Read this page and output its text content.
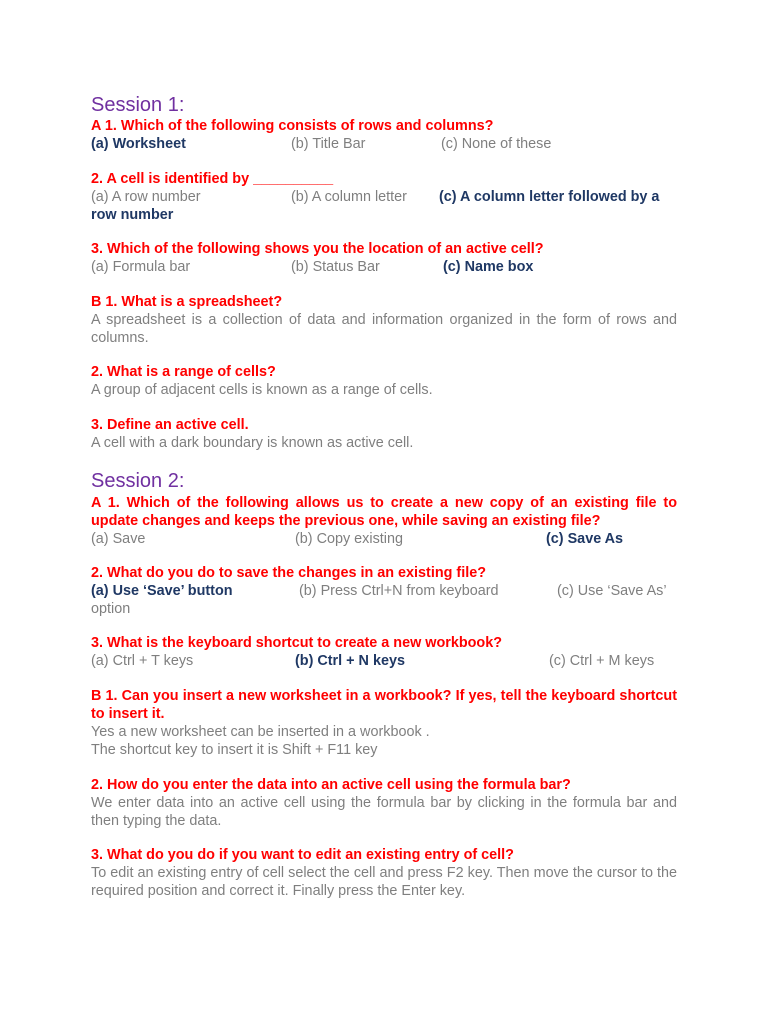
Session 1:
A 1. Which of the following consists of rows and columns?
(a) Worksheet	(b) Title Bar	(c) None of these
2. A cell is identified by __________
(a) A row number	(b) A column letter (c) A column letter followed by a
row number
3. Which of the following shows you the location of an active cell?
(a) Formula bar	(b) Status Bar	(c) Name box
B 1. What is a spreadsheet?
A spreadsheet is a collection of data and information organized in the form of rows and columns.
2. What is a range of cells?
A group of adjacent cells is known as a range of cells.
3. Define an active cell.
A cell with a dark boundary is known as active cell.
Session 2:
A 1. Which of the following allows us to create a new copy of an existing file to update changes and keeps the previous one, while saving an existing file?
(a) Save	(b) Copy existing	(c) Save As
2. What do you do to save the changes in an existing file?
(a) Use ‘Save’ button	(b) Press Ctrl+N from keyboard	(c) Use ‘Save As’
option
3. What is the keyboard shortcut to create a new workbook?
(a) Ctrl + T keys	(b) Ctrl + N keys	(c) Ctrl + M keys
B 1. Can you insert a new worksheet in a workbook? If yes, tell the keyboard shortcut to insert it.
Yes a new worksheet can be inserted in a workbook .
The shortcut key to insert it is Shift + F11 key
2. How do you enter the data into an active cell using the formula bar?
We enter data into an active cell using the formula bar by clicking in the formula bar and then typing the data.
3. What do you do if you want to edit an existing entry of cell?
To edit an existing entry of cell select the cell and press F2 key. Then move the cursor to the required position and correct it. Finally press the Enter key.
